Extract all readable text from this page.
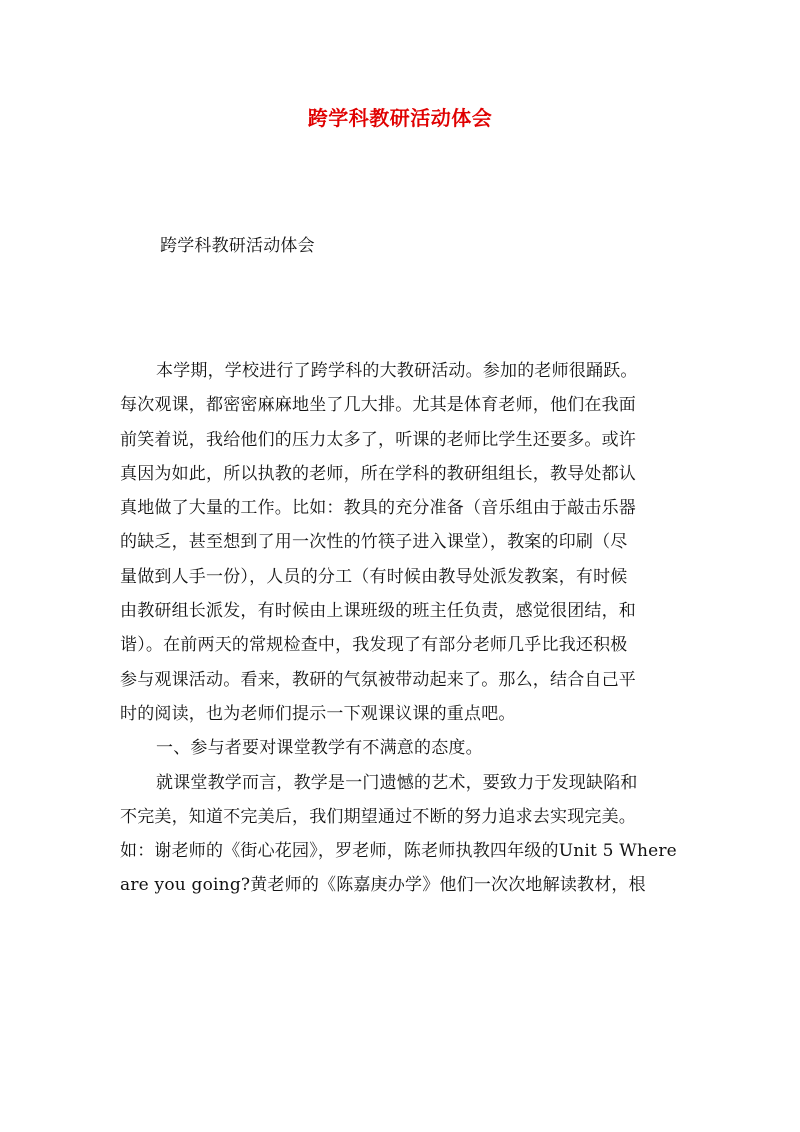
跨学科教研活动体会
跨学科教研活动体会
本学期，学校进行了跨学科的大教研活动。参加的老师很踊跃。
每次观课，都密密麻麻地坐了几大排。尤其是体育老师，他们在我面
前笑着说，我给他们的压力太多了，听课的老师比学生还要多。或许
真因为如此，所以执教的老师，所在学科的教研组组长，教导处都认
真地做了大量的工作。比如：教具的充分准备（音乐组由于敲击乐器
的缺乏，甚至想到了用一次性的竹筷子进入课堂），教案的印刷（尽
量做到人手一份），人员的分工（有时候由教导处派发教案，有时候
由教研组长派发，有时候由上课班级的班主任负责，感觉很团结，和
谐）。在前两天的常规检查中，我发现了有部分老师几乎比我还积极
参与观课活动。看来，教研的气氛被带动起来了。那么，结合自己平
时的阅读，也为老师们提示一下观课议课的重点吧。
一、参与者要对课堂教学有不满意的态度。
就课堂教学而言，教学是一门遗憾的艺术，要致力于发现缺陷和
不完美，知道不完美后，我们期望通过不断的努力追求去实现完美。
如：谢老师的《街心花园》，罗老师，陈老师执教四年级的Unit 5 Where
are you going?黄老师的《陈嘉庚办学》他们一次次地解读教材，根
